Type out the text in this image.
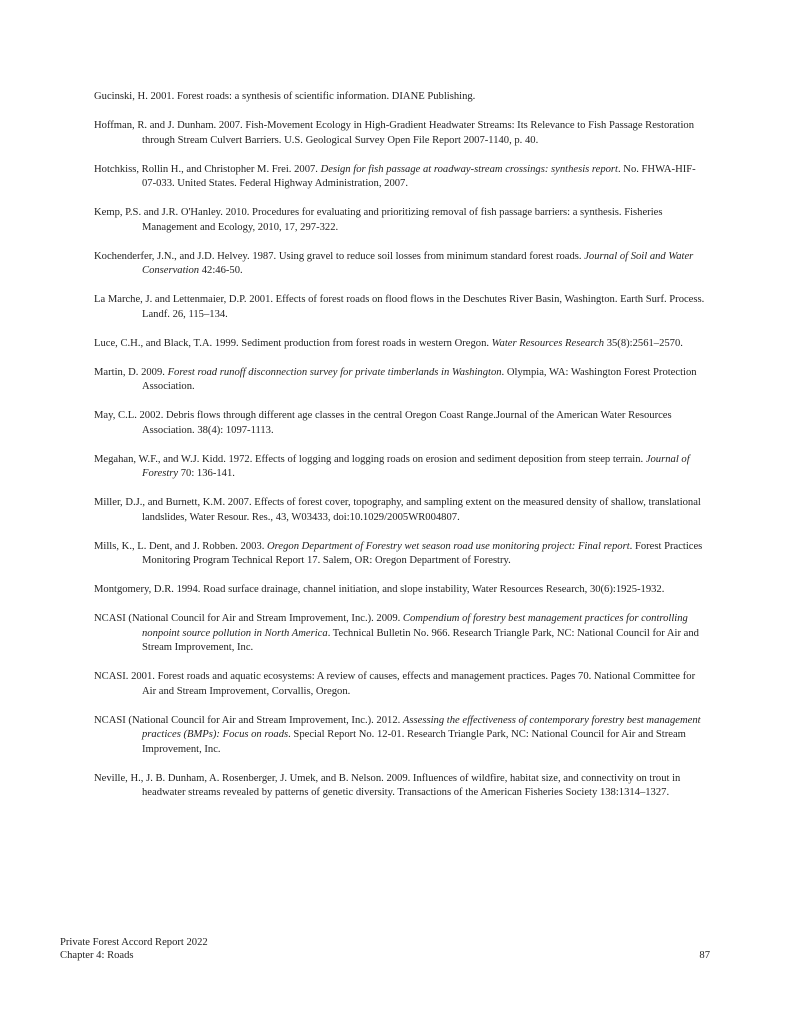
Gucinski, H. 2001. Forest roads: a synthesis of scientific information. DIANE Publishing.

Hoffman, R. and J. Dunham. 2007. Fish-Movement Ecology in High-Gradient Headwater Streams: Its Relevance to Fish Passage Restoration through Stream Culvert Barriers. U.S. Geological Survey Open File Report 2007-1140, p. 40.

Hotchkiss, Rollin H., and Christopher M. Frei. 2007. Design for fish passage at roadway-stream crossings: synthesis report. No. FHWA-HIF-07-033. United States. Federal Highway Administration, 2007.

Kemp, P.S. and J.R. O'Hanley. 2010. Procedures for evaluating and prioritizing removal of fish passage barriers: a synthesis. Fisheries Management and Ecology, 2010, 17, 297-322.

Kochenderfer, J.N., and J.D. Helvey. 1987. Using gravel to reduce soil losses from minimum standard forest roads. Journal of Soil and Water Conservation 42:46-50.

La Marche, J. and Lettenmaier, D.P. 2001. Effects of forest roads on flood flows in the Deschutes River Basin, Washington. Earth Surf. Process. Landf. 26, 115–134.

Luce, C.H., and Black, T.A. 1999. Sediment production from forest roads in western Oregon. Water Resources Research 35(8):2561–2570.

Martin, D. 2009. Forest road runoff disconnection survey for private timberlands in Washington. Olympia, WA: Washington Forest Protection Association.

May, C.L. 2002. Debris flows through different age classes in the central Oregon Coast Range.Journal of the American Water Resources Association. 38(4): 1097-1113.

Megahan, W.F., and W.J. Kidd. 1972. Effects of logging and logging roads on erosion and sediment deposition from steep terrain. Journal of Forestry 70: 136-141.

Miller, D.J., and Burnett, K.M. 2007. Effects of forest cover, topography, and sampling extent on the measured density of shallow, translational landslides, Water Resour. Res., 43, W03433, doi:10.1029/2005WR004807.

Mills, K., L. Dent, and J. Robben. 2003. Oregon Department of Forestry wet season road use monitoring project: Final report. Forest Practices Monitoring Program Technical Report 17. Salem, OR: Oregon Department of Forestry.

Montgomery, D.R. 1994. Road surface drainage, channel initiation, and slope instability, Water Resources Research, 30(6):1925-1932.

NCASI (National Council for Air and Stream Improvement, Inc.). 2009. Compendium of forestry best management practices for controlling nonpoint source pollution in North America. Technical Bulletin No. 966. Research Triangle Park, NC: National Council for Air and Stream Improvement, Inc.

NCASI. 2001. Forest roads and aquatic ecosystems: A review of causes, effects and management practices. Pages 70. National Committee for Air and Stream Improvement, Corvallis, Oregon.

NCASI (National Council for Air and Stream Improvement, Inc.). 2012. Assessing the effectiveness of contemporary forestry best management practices (BMPs): Focus on roads. Special Report No. 12-01. Research Triangle Park, NC: National Council for Air and Stream Improvement, Inc.

Neville, H., J. B. Dunham, A. Rosenberger, J. Umek, and B. Nelson. 2009. Influences of wildfire, habitat size, and connectivity on trout in headwater streams revealed by patterns of genetic diversity. Transactions of the American Fisheries Society 138:1314–1327.

Private Forest Accord Report 2022
Chapter 4: Roads	87
